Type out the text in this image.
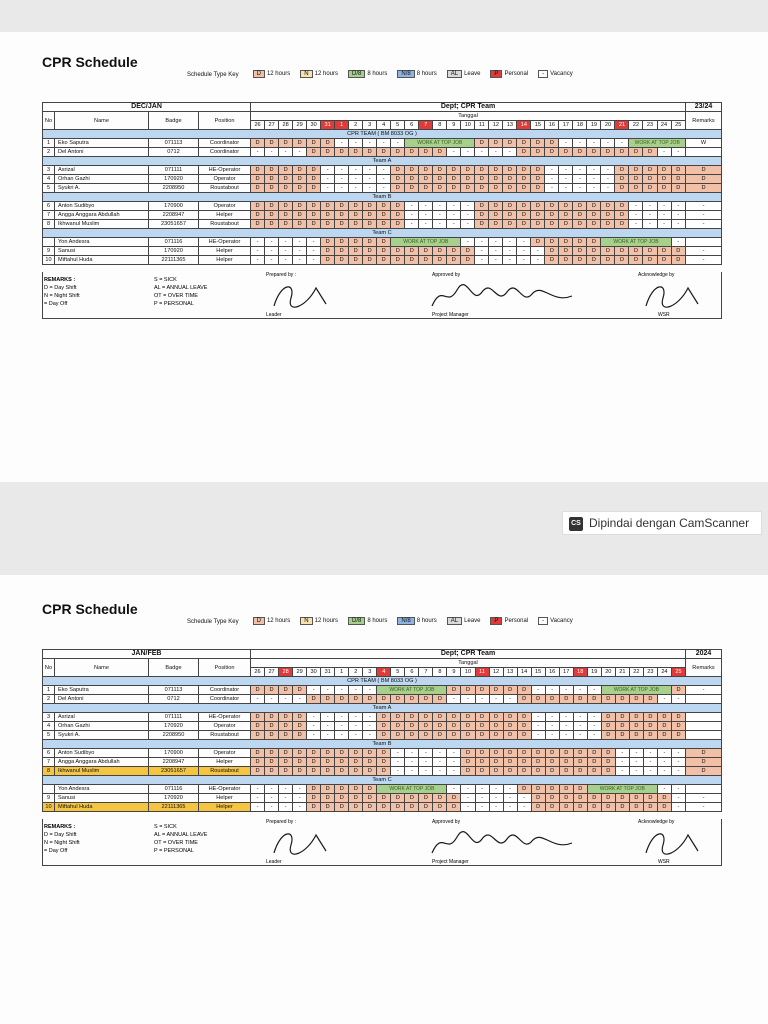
CPR Schedule
Schedule Type Key	D 12 hours N 12 hours D/8 8 hours N/8 8 hours AL Leave P Personal - Vacancy
DEC/JAN				Dept; CPR Team																															23/24
No	Name	Badge	Position	Tanggal																															Remarks
				26	27	28	29	30	31	1	2	3	4	5	6	7	8	9	10	11	12	13	14	15	16	17	18	19	20	21	22	23	24	25	
CPR TEAM ( BM 8033 OG )																																			
1	Eko Saputra	071113	Coordinator	D	D	D	D	D	D	-	-	-	-	-	WORK AT TOP JOB					D	D	D	D	D	D	-	-	-	-	-	WORK AT TOP JOB				W
2	Del Antoni	0712	Coordinator	-	-	-	-	D	D	D	D	D	D	D	D	D	D	-	-	-	-	-	D	D	D	D	D	D	D	D	D	D	-	-	
Team A																																			
3	Asrizal	071111	HE-Operator	D	D	D	D	D	-	-	-	-	-	D	D	D	D	D	D	D	D	D	D	D	-	-	-	-	-	D	D	D	D	D	D
4	Orhan Gazhi	170920	Operator	D	D	D	D	D	-	-	-	-	-	D	D	D	D	D	D	D	D	D	D	D	-	-	-	-	-	D	D	D	D	D	D
5	Syukri A.	2208950	Roustabout	D	D	D	D	D	-	-	-	-	-	D	D	D	D	D	D	D	D	D	D	D	-	-	-	-	-	D	D	D	D	D	D
Team B																																			
6	Anton Sudibyo	170900	Operator	D	D	D	D	D	D	D	D	D	D	D	-	-	-	-	-	D	D	D	D	D	D	D	D	D	D	D	-	-	-	-	-
7	Angga Anggara Abdullah	2208947	Helper	D	D	D	D	D	D	D	D	D	D	D	-	-	-	-	-	D	D	D	D	D	D	D	D	D	D	D	-	-	-	-	-
8	Ikhwanul Muslim	23051657	Roustabout	D	D	D	D	D	D	D	D	D	D	D	-	-	-	-	-	D	D	D	D	D	D	D	D	D	D	D	-	-	-	-	-
Team C																																			
	Yon Andesra	071116	HE-Operator	-	-	-	-	-	D	D	D	D	D	WORK AT TOP JOB					-	-	-	-	-	D	D	D	D	D	WORK AT TOP JOB					-	
9	Sanusi	170920	Helper	-	-	-	-	-	D	D	D	D	D	D	D	D	D	D	D	-	-	-	-	-	D	D	D	D	D	D	D	D	D	D	-
10	Miftahul Huda	22111365	Helper	-	-	-	-	-	D	D	D	D	D	D	D	D	D	D	D	-	-	-	-	-	D	D	D	D	D	D	D	D	D	D	-
REMARKS :
D = Day Shift
N = Night Shift
= Day Off
S = SICK
AL = ANNUAL LEAVE
OT = OVER TIME
P = PERSONAL
Prepared by :
Leader
Approved by
Project Manager
Acknowledge by
WSR
CS Dipindai dengan CamScanner
CPR Schedule
Schedule Type Key	D 12 hours N 12 hours D/8 8 hours N/8 8 hours AL Leave P Personal - Vacancy
JAN/FEB				Dept; CPR Team																															2024
No	Name	Badge	Position	Tanggal																															Remarks
				26	27	28	29	30	31	1	2	3	4	5	6	7	8	9	10	11	12	13	14	15	16	17	18	19	20	21	22	23	24	25	
CPR TEAM ( BM 8033 OG )																																			
1	Eko Saputra	071113	Coordinator	D	D	D	D	-	-	-	-	-	WORK AT TOP JOB					D	D	D	D	D	D	-	-	-	-	-	WORK AT TOP JOB					D	-
2	Del Antoni	0712	Coordinator	-	-	-	-	D	D	D	D	D	D	D	D	D	D	-	-	-	-	-	D	D	D	D	D	D	D	D	D	D	-	-	
Team A																																			
3	Asrizal	071111	HE-Operator	D	D	D	D	-	-	-	-	-	D	D	D	D	D	D	D	D	D	D	D	-	-	-	-	-	D	D	D	D	D	D	
4	Orhan Gazhi	170920	Operator	D	D	D	D	-	-	-	-	-	D	D	D	D	D	D	D	D	D	D	D	-	-	-	-	-	D	D	D	D	D	D	
5	Syukri A.	2208950	Roustabout	D	D	D	D	-	-	-	-	-	D	D	D	D	D	D	D	D	D	D	D	-	-	-	-	-	D	D	D	D	D	D	
Team B																																			
6	Anton Sudibyo	170900	Operator	D	D	D	D	D	D	D	D	D	D	-	-	-	-	-	D	D	D	D	D	D	D	D	D	D	D	-	-	-	-	-	D
7	Angga Anggara Abdullah	2208947	Helper	D	D	D	D	D	D	D	D	D	D	-	-	-	-	-	D	D	D	D	D	D	D	D	D	D	D	-	-	-	-	-	D
8	Ikhwanul Muslim	23051657	Roustabout	D	D	D	D	D	D	D	D	D	D	-	-	-	-	-	D	D	D	D	D	D	D	D	D	D	D	-	-	-	-	-	D
Team C																																			
	Yon Andesra	071116	HE-Operator	-	-	-	-	D	D	D	D	D	WORK AT TOP JOB					-	-	-	-	-	D	D	D	D	D	WORK AT TOP JOB					-	-	
9	Sanusi	170920	Helper	-	-	-	-	D	D	D	D	D	D	D	D	D	D	D	-	-	-	-	-	D	D	D	D	D	D	D	D	D	D	-	-
10	Miftahul Huda	22111365	Helper	-	-	-	-	D	D	D	D	D	D	D	D	D	D	D	-	-	-	-	-	D	D	D	D	D	D	D	D	D	D	-	-
REMARKS :
D = Day Shift
N = Night Shift
= Day Off
S = SICK
AL = ANNUAL LEAVE
OT = OVER TIME
P = PERSONAL
Prepared by :
Leader
Approved by
Project Manager
Acknowledge by
WSR
